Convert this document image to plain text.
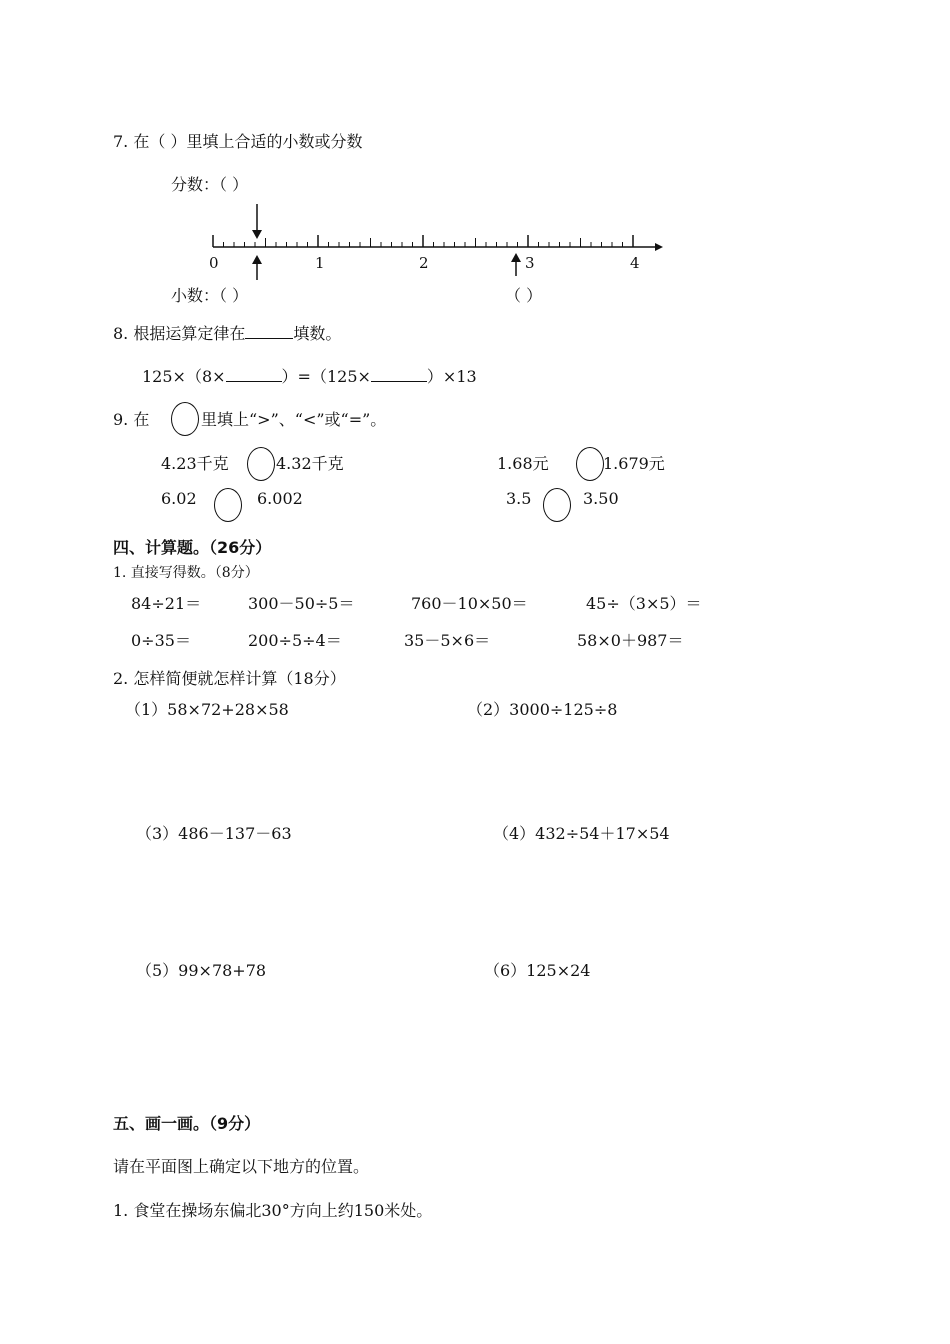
7. 在（ ）里填上合适的小数或分数
分数：（ ）
0	1	2	3	4
小数：（ ）	（ ）
8. 根据运算定律在	填数。
125×（8×	）=（125×	）×13
9. 在	里填上“>”、“<”或“=”。
4.23千克	4.32千克	1.68元	1.679元
6.02	6.002	3.5	3.50
四、计算题。（26分）
1. 直接写得数。（8分）
84÷21＝	300－50÷5＝	760－10×50＝	45÷（3×5）＝
0÷35＝	200÷5÷4＝	35－5×6＝	58×0＋987＝
2. 怎样简便就怎样计算（18分）
（1）58×72+28×58	（2）3000÷125÷8
（3）486－137－63	（4）432÷54＋17×54
（5）99×78+78	（6）125×24
五、画一画。（9分）
请在平面图上确定以下地方的位置。
1. 食堂在操场东偏北30°方向上约150米处。
